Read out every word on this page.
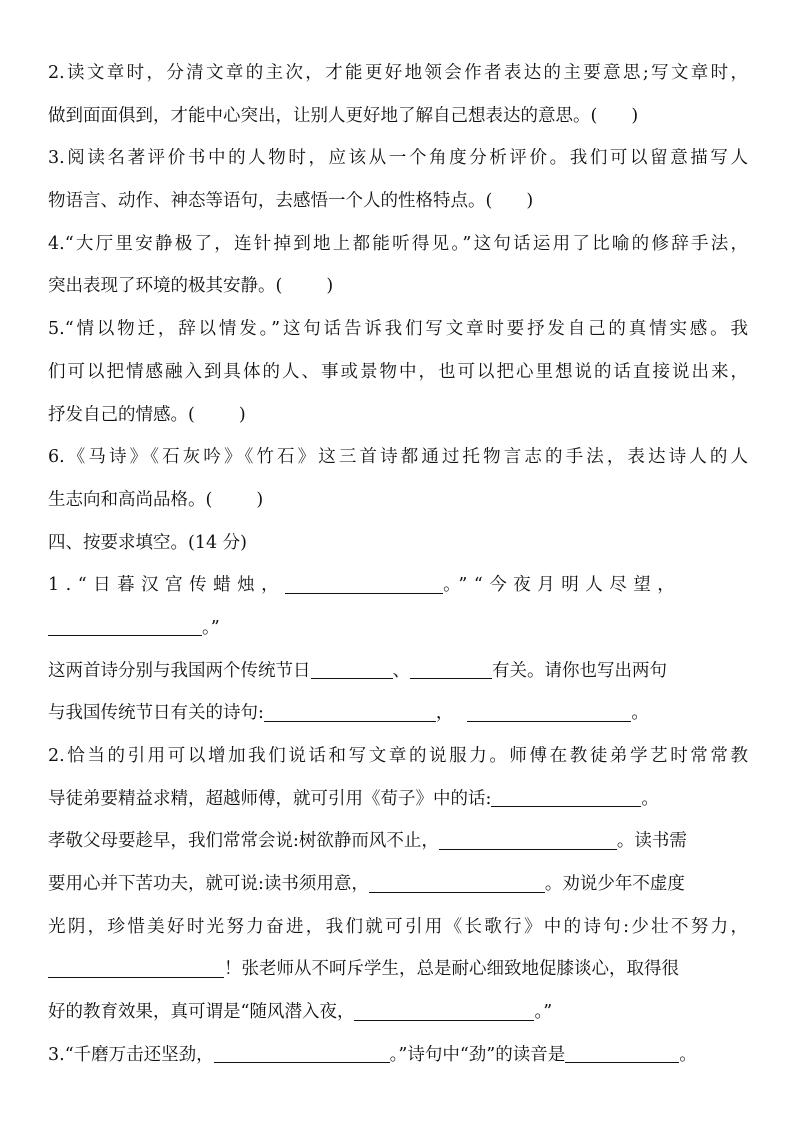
2.读文章时，分清文章的主次，才能更好地领会作者表达的主要意思;写文章时，
做到面面俱到，才能中心突出，让别人更好地了解自己想表达的意思。( )
3.阅读名著评价书中的人物时，应该从一个角度分析评价。我们可以留意描写人
物语言、动作、神态等语句，去感悟一个人的性格特点。( )
4.“大厅里安静极了，连针掉到地上都能听得见。”这句话运用了比喻的修辞手法，
突出表现了环境的极其安静。(	)
5.“情以物迁，辞以情发。”这句话告诉我们写文章时要抒发自己的真情实感。我
们可以把情感融入到具体的人、事或景物中，也可以把心里想说的话直接说出来，
抒发自己的情感。(	)
6.《马诗》《石灰吟》《竹石》这三首诗都通过托物言志的手法，表达诗人的人
生志向和高尚品格。(	)
四、按要求填空。(14 分)
1.“日暮汉宫传蜡烛，	。”“今夜月明人尽望，
。”
这两首诗分别与我国两个传统节日	、	有关。请你也写出两句
与我国传统节日有关的诗句:	，	。
2.恰当的引用可以增加我们说话和写文章的说服力。师傅在教徒弟学艺时常常教
导徒弟要精益求精，超越师傅，就可引用《荀子》中的话:	。
孝敬父母要趁早，我们常常会说:树欲静而风不止，	。读书需
要用心并下苦功夫，就可说:读书须用意，	。劝说少年不虚度
光阴，珍惜美好时光努力奋进，我们就可引用《长歌行》中的诗句:少壮不努力，
！张老师从不呵斥学生，总是耐心细致地促膝谈心，取得很
好的教育效果，真可谓是“随风潜入夜，	。”
3.“千磨万击还坚劲，	。”诗句中“劲”的读音是	。
